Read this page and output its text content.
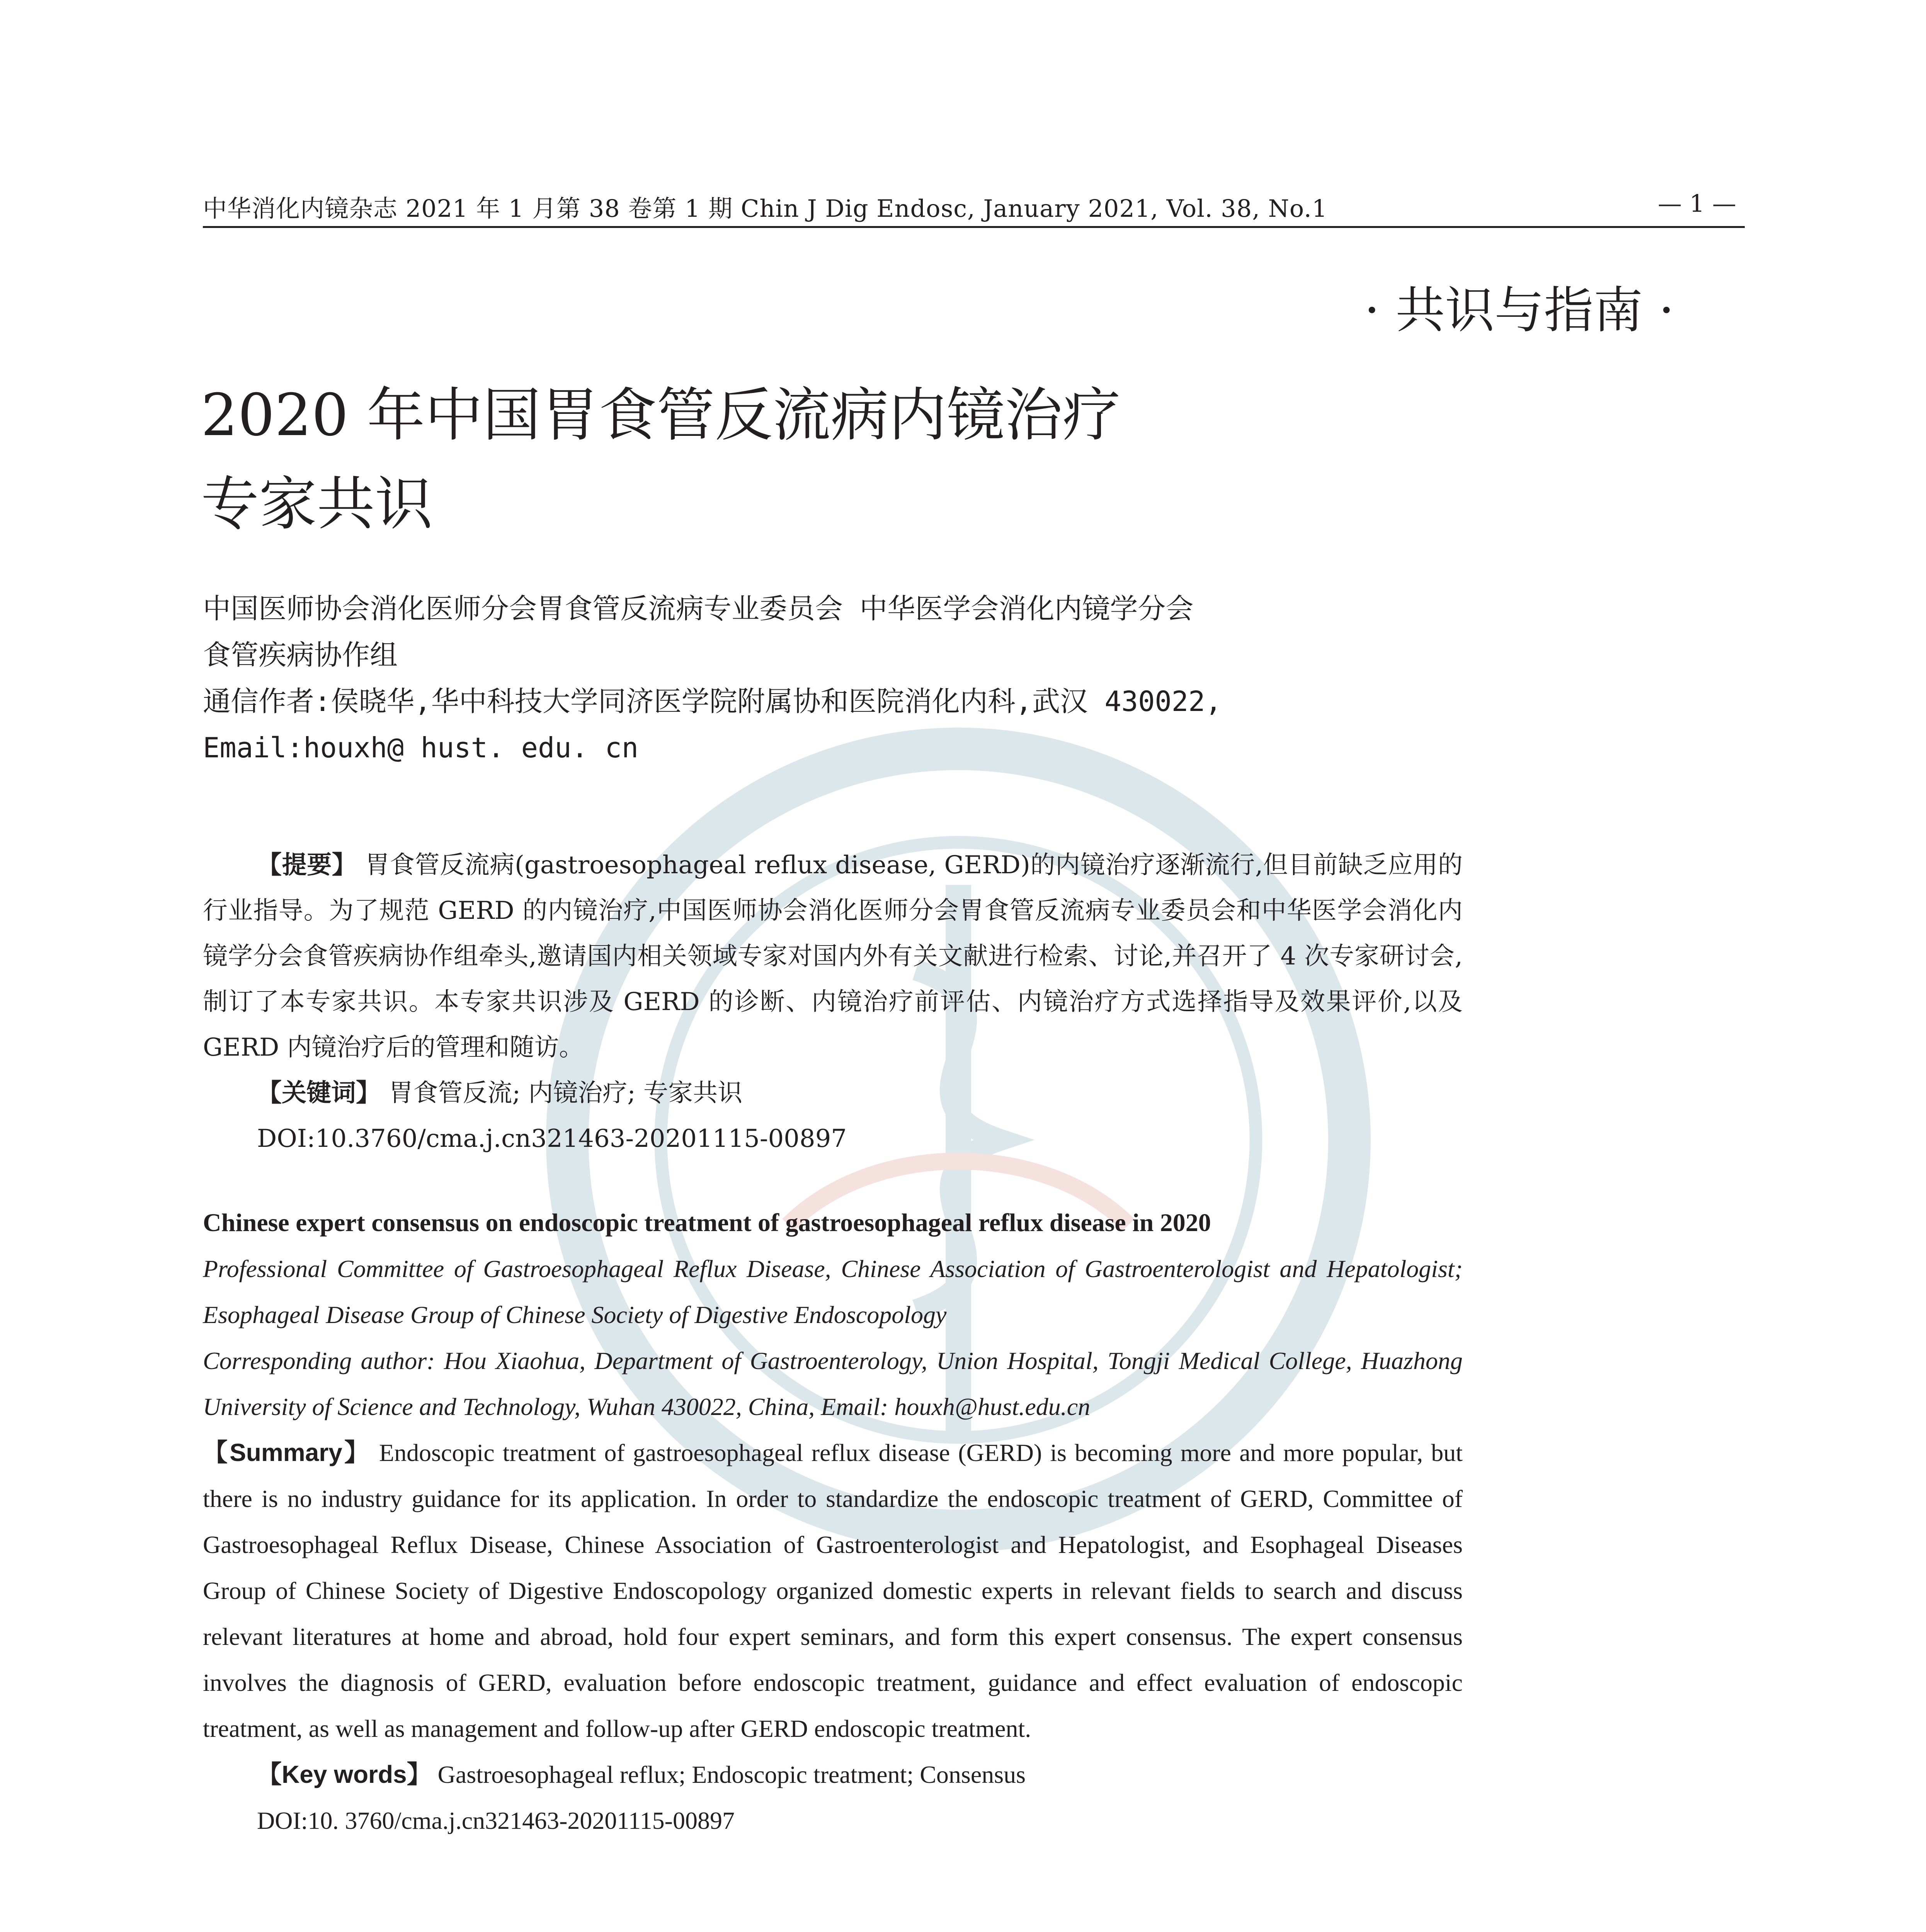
中华消化内镜杂志 2021 年 1 月第 38 卷第 1 期 Chin J Dig Endosc, January 2021, Vol. 38, No.1	— 1 —
· 共识与指南 ·
2020 年中国胃食管反流病内镜治疗
专家共识
中国医师协会消化医师分会胃食管反流病专业委员会 中华医学会消化内镜学分会
食管疾病协作组
通信作者:侯晓华,华中科技大学同济医学院附属协和医院消化内科,武汉 430022,
Email:houxh@ hust. edu. cn
【提要】 胃食管反流病(gastroesophageal reflux disease, GERD)的内镜治疗逐渐流行,但目前缺乏应用的行业指导。为了规范 GERD 的内镜治疗,中国医师协会消化医师分会胃食管反流病专业委员会和中华医学会消化内镜学分会食管疾病协作组牵头,邀请国内相关领域专家对国内外有关文献进行检索、讨论,并召开了 4 次专家研讨会,制订了本专家共识。本专家共识涉及 GERD 的诊断、内镜治疗前评估、内镜治疗方式选择指导及效果评价,以及 GERD 内镜治疗后的管理和随访。
【关键词】 胃食管反流; 内镜治疗; 专家共识
DOI:10.3760/cma.j.cn321463-20201115-00897
Chinese expert consensus on endoscopic treatment of gastroesophageal reflux disease in 2020
Professional Committee of Gastroesophageal Reflux Disease, Chinese Association of Gastroenterologist and Hepatologist; Esophageal Disease Group of Chinese Society of Digestive Endoscopology
Corresponding author: Hou Xiaohua, Department of Gastroenterology, Union Hospital, Tongji Medical College, Huazhong University of Science and Technology, Wuhan 430022, China, Email: houxh@hust.edu.cn
【Summary】 Endoscopic treatment of gastroesophageal reflux disease (GERD) is becoming more and more popular, but there is no industry guidance for its application. In order to standardize the endoscopic treatment of GERD, Committee of Gastroesophageal Reflux Disease, Chinese Association of Gastroenterologist and Hepatologist, and Esophageal Diseases Group of Chinese Society of Digestive Endoscopology organized domestic experts in relevant fields to search and discuss relevant literatures at home and abroad, hold four expert seminars, and form this expert consensus. The expert consensus involves the diagnosis of GERD, evaluation before endoscopic treatment, guidance and effect evaluation of endoscopic treatment, as well as management and follow-up after GERD endoscopic treatment.
【Key words】 Gastroesophageal reflux; Endoscopic treatment; Consensus
DOI:10. 3760/cma.j.cn321463-20201115-00897
